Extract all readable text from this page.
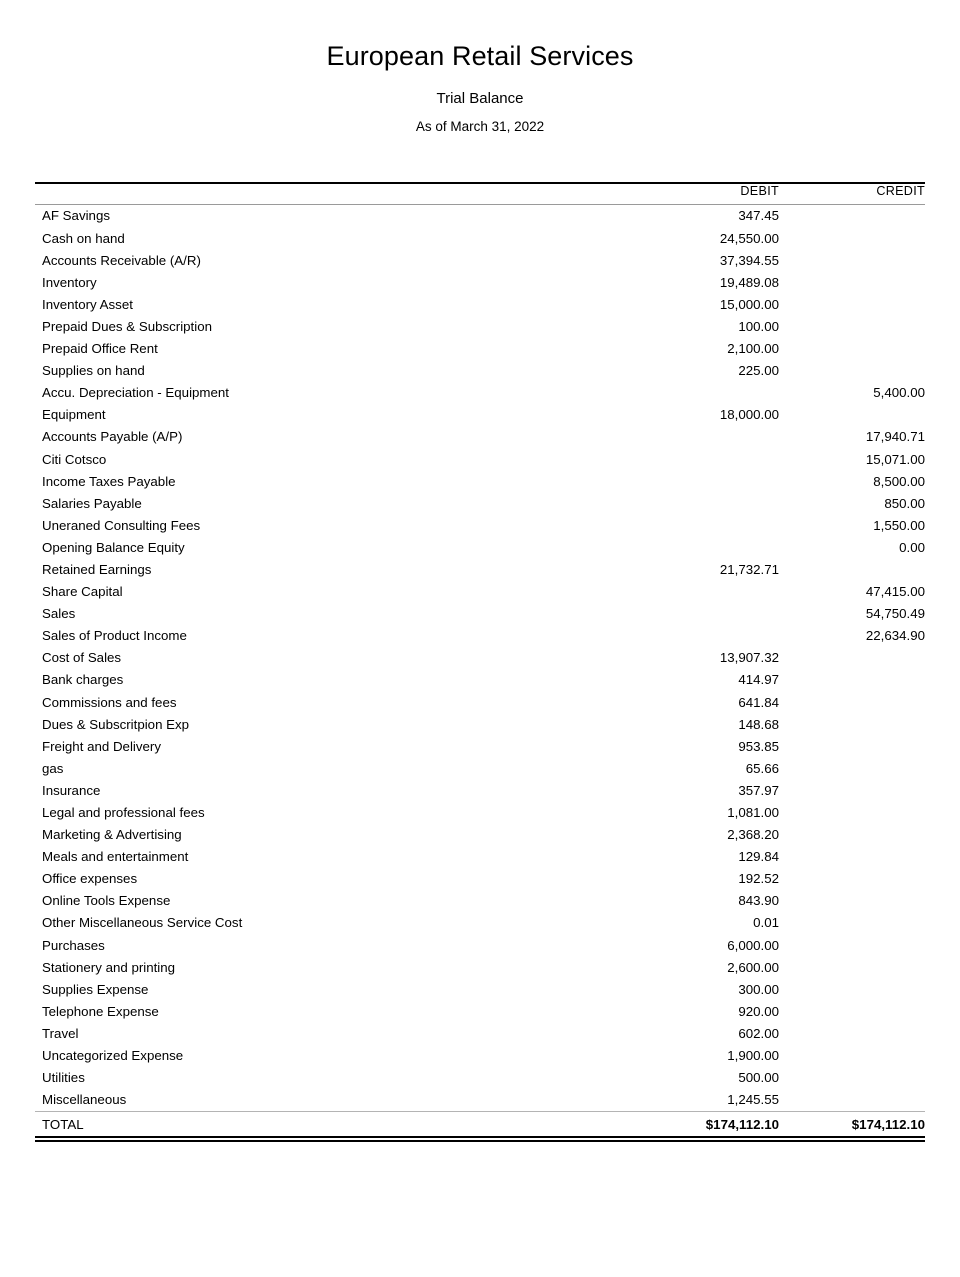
European Retail Services
Trial Balance
As of March 31, 2022
	DEBIT	CREDIT

AF Savings	347.45	
Cash on hand	24,550.00	
Accounts Receivable (A/R)	37,394.55	
Inventory	19,489.08	
Inventory Asset	15,000.00	
Prepaid Dues & Subscription	100.00	
Prepaid Office Rent	2,100.00	
Supplies on hand	225.00	
Accu. Depreciation - Equipment		5,400.00
Equipment	18,000.00	
Accounts Payable (A/P)		17,940.71
Citi Cotsco		15,071.00
Income Taxes Payable		8,500.00
Salaries Payable		850.00
Uneraned Consulting Fees		1,550.00
Opening Balance Equity		0.00
Retained Earnings	21,732.71	
Share Capital		47,415.00
Sales		54,750.49
Sales of Product Income		22,634.90
Cost of Sales	13,907.32	
Bank charges	414.97	
Commissions and fees	641.84	
Dues & Subscritpion Exp	148.68	
Freight and Delivery	953.85	
gas	65.66	
Insurance	357.97	
Legal and professional fees	1,081.00	
Marketing & Advertising	2,368.20	
Meals and entertainment	129.84	
Office expenses	192.52	
Online Tools Expense	843.90	
Other Miscellaneous Service Cost	0.01	
Purchases	6,000.00	
Stationery and printing	2,600.00	
Supplies Expense	300.00	
Telephone Expense	920.00	
Travel	602.00	
Uncategorized Expense	1,900.00	
Utilities	500.00	
Miscellaneous	1,245.55	
TOTAL	$174,112.10	$174,112.10
